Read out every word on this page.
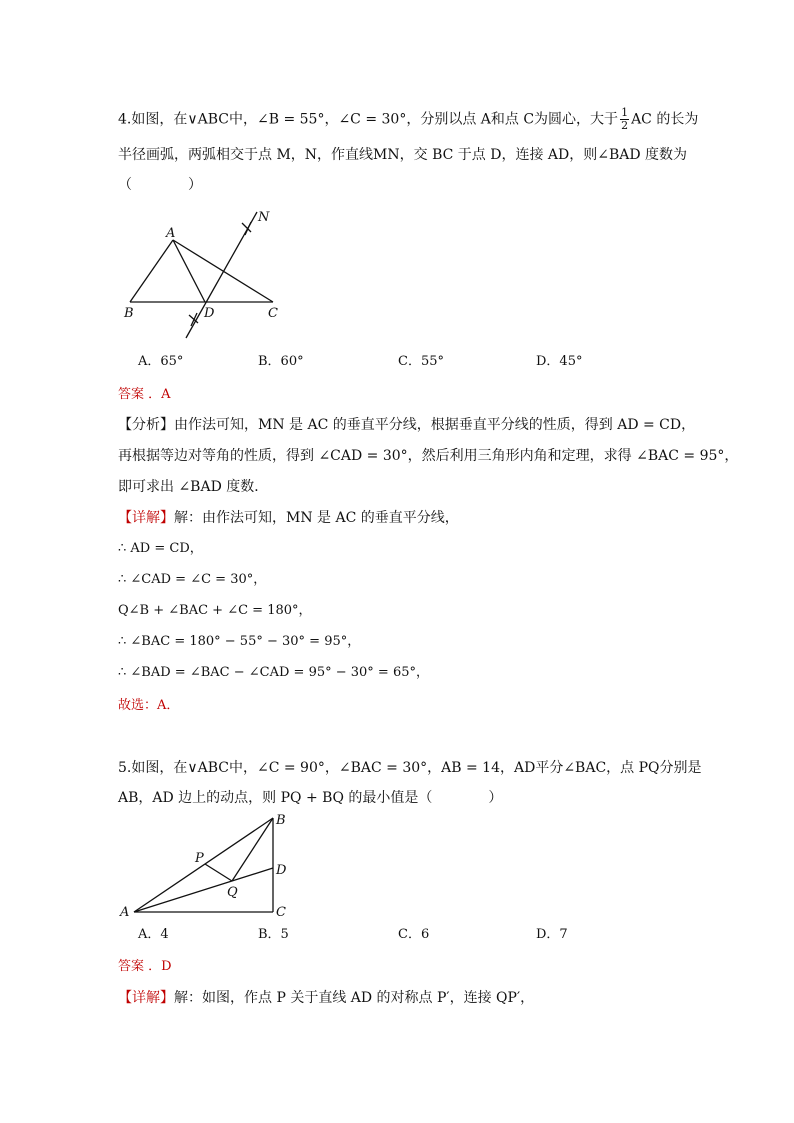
4.如图，在∨ABC中，∠B = 55°，∠C = 30°，分别以点 A和点 C为圆心，大于 $\frac{1}{2}$ AC 的长为
半径画弧，两弧相交于点 M，N，作直线MN，交 BC 于点 D，连接 AD，则∠BAD 度数为
（　　　　）
A
N
B	D	C
A．65°	B．60°	C．55°	D．45°
答案 ．A
【分析】由作法可知，MN 是 AC 的垂直平分线，根据垂直平分线的性质，得到 AD = CD，
再根据等边对等角的性质，得到 ∠CAD = 30°，然后利用三角形内角和定理，求得 ∠BAC = 95°，
即可求出 ∠BAD 度数．
【详解】解：由作法可知，MN 是 AC 的垂直平分线，
∴ AD = CD，
∴ ∠CAD = ∠C = 30°，
Q∠B + ∠BAC + ∠C = 180°，
∴ ∠BAC = 180° − 55° − 30° = 95°，
∴ ∠BAD = ∠BAC − ∠CAD = 95° − 30° = 65°，
故选：A．
5.如图，在∨ABC中，∠C = 90°，∠BAC = 30°，AB = 14，AD平分∠BAC，点 PQ分别是
AB，AD 边上的动点，则 PQ + BQ 的最小值是（　　　　）
B
P
D
Q
A	C
A．4	B．5	C．6	D．7
答案 ．D
【详解】解：如图，作点 P 关于直线 AD 的对称点 P′，连接 QP′，
